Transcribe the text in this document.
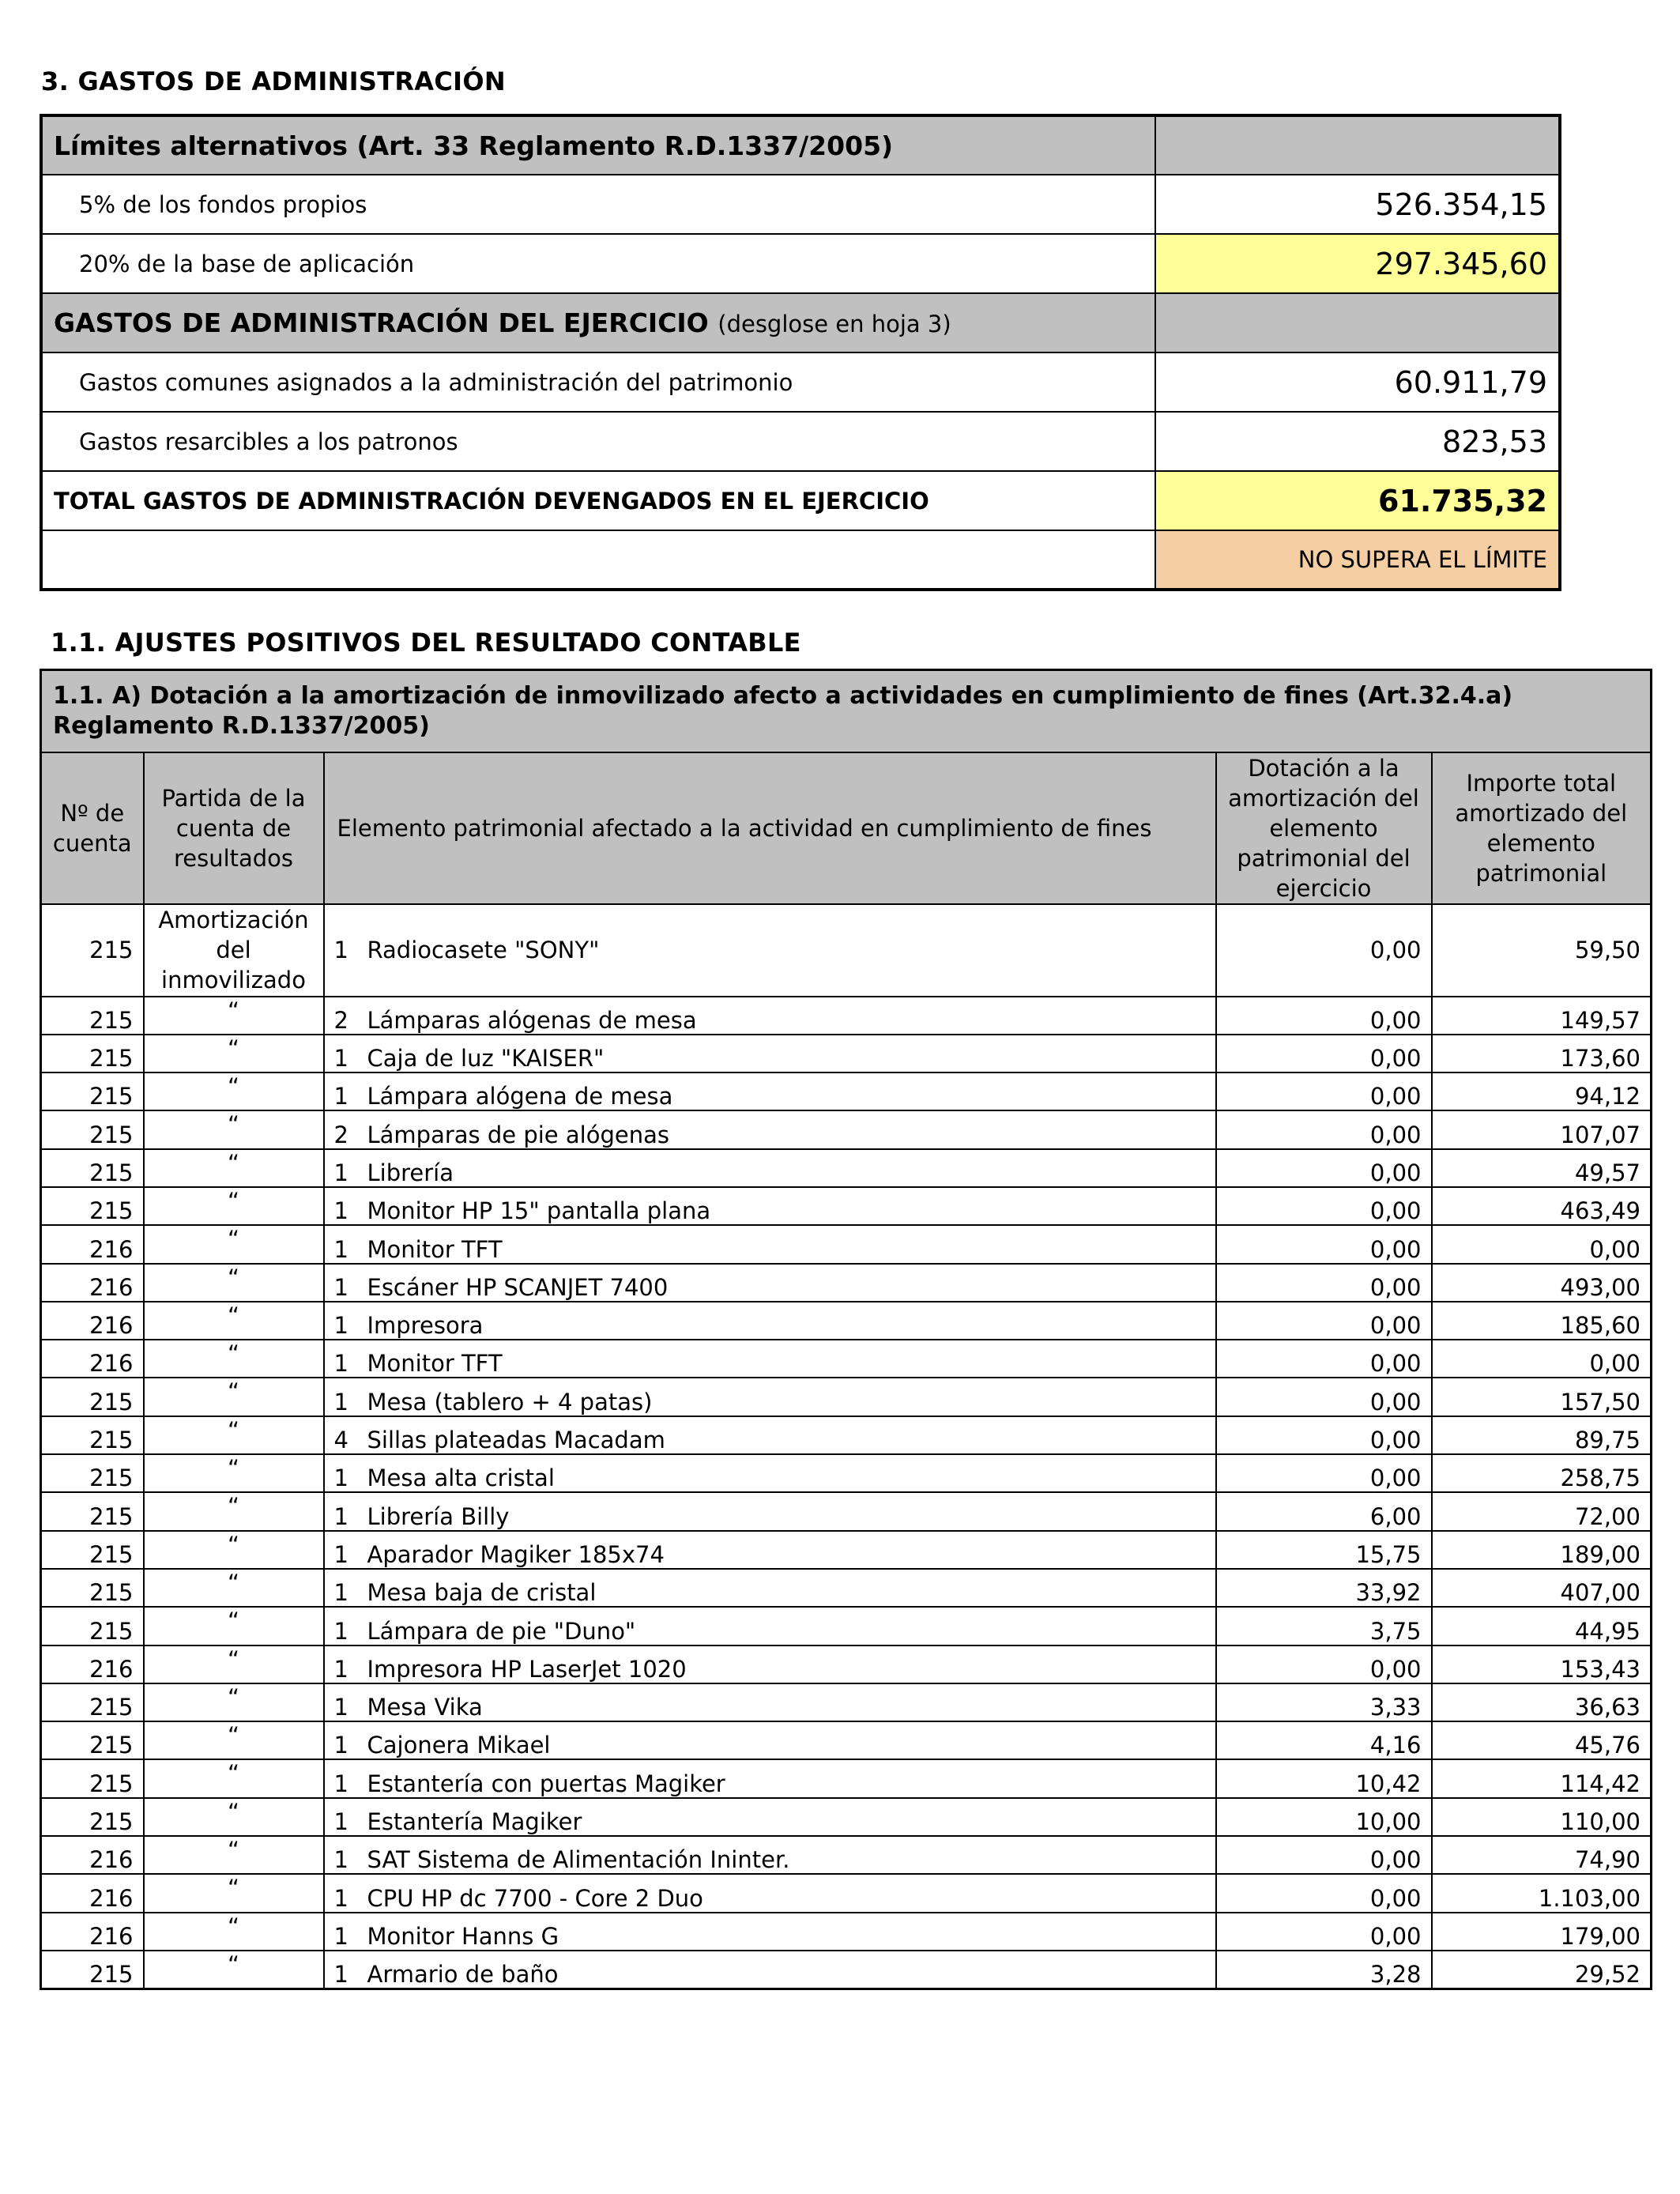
3. GASTOS DE ADMINISTRACIÓN
Límites alternativos (Art. 33 Reglamento R.D.1337/2005)	
5% de los fondos propios	526.354,15
20% de la base de aplicación	297.345,60
GASTOS DE ADMINISTRACIÓN DEL EJERCICIO (desglose en hoja 3)	
Gastos comunes asignados a la administración del patrimonio	60.911,79
Gastos resarcibles a los patronos	823,53
TOTAL GASTOS DE ADMINISTRACIÓN DEVENGADOS EN EL EJERCICIO	61.735,32
	NO SUPERA EL LÍMITE
1.1. AJUSTES POSITIVOS DEL RESULTADO CONTABLE
1.1. A) Dotación a la amortización de inmovilizado afecto a actividades en cumplimiento de fines (Art.32.4.a) Reglamento R.D.1337/2005)				
Nº de cuenta	Partida de la cuenta de resultados	Elemento patrimonial afectado a la actividad en cumplimiento de fines	Dotación a la amortización del elemento patrimonial del ejercicio	Importe total amortizado del elemento patrimonial
215	Amortización del inmovilizado	1 Radiocasete "SONY"	0,00	59,50
215	“	2 Lámparas alógenas de mesa	0,00	149,57
215	“	1 Caja de luz "KAISER"	0,00	173,60
215	“	1 Lámpara alógena de mesa	0,00	94,12
215	“	2 Lámparas de pie alógenas	0,00	107,07
215	“	1 Librería	0,00	49,57
215	“	1 Monitor HP 15" pantalla plana	0,00	463,49
216	“	1 Monitor TFT	0,00	0,00
216	“	1 Escáner HP SCANJET 7400	0,00	493,00
216	“	1 Impresora	0,00	185,60
216	“	1 Monitor TFT	0,00	0,00
215	“	1 Mesa (tablero + 4 patas)	0,00	157,50
215	“	4 Sillas plateadas Macadam	0,00	89,75
215	“	1 Mesa alta cristal	0,00	258,75
215	“	1 Librería Billy	6,00	72,00
215	“	1 Aparador Magiker 185x74	15,75	189,00
215	“	1 Mesa baja de cristal	33,92	407,00
215	“	1 Lámpara de pie "Duno"	3,75	44,95
216	“	1 Impresora HP LaserJet 1020	0,00	153,43
215	“	1 Mesa Vika	3,33	36,63
215	“	1 Cajonera Mikael	4,16	45,76
215	“	1 Estantería con puertas Magiker	10,42	114,42
215	“	1 Estantería Magiker	10,00	110,00
216	“	1 SAT Sistema de Alimentación Ininter.	0,00	74,90
216	“	1 CPU HP dc 7700 - Core 2 Duo	0,00	1.103,00
216	“	1 Monitor Hanns G	0,00	179,00
215	“	1 Armario de baño	3,28	29,52
